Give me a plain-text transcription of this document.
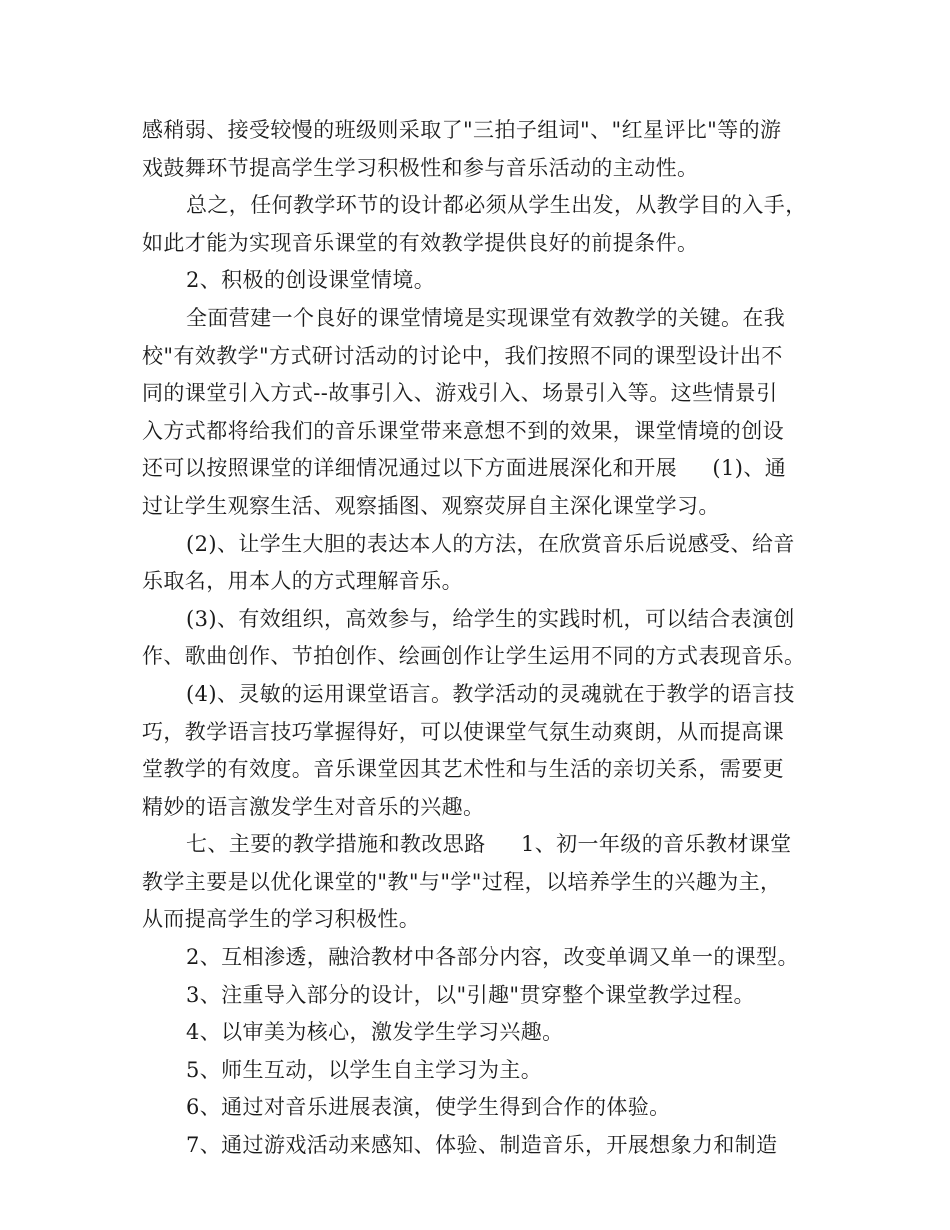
感稍弱、接受较慢的班级则采取了"三拍子组词"、"红星评比"等的游
戏鼓舞环节提高学生学习积极性和参与音乐活动的主动性。
总之，任何教学环节的设计都必须从学生出发，从教学目的入手，
如此才能为实现音乐课堂的有效教学提供良好的前提条件。
2、积极的创设课堂情境。
全面营建一个良好的课堂情境是实现课堂有效教学的关键。在我
校"有效教学"方式研讨活动的讨论中，我们按照不同的课型设计出不
同的课堂引入方式--故事引入、游戏引入、场景引入等。这些情景引
入方式都将给我们的音乐课堂带来意想不到的效果，课堂情境的创设
还可以按照课堂的详细情况通过以下方面进展深化和开展     (1)、通
过让学生观察生活、观察插图、观察荧屏自主深化课堂学习。
(2)、让学生大胆的表达本人的方法，在欣赏音乐后说感受、给音
乐取名，用本人的方式理解音乐。
(3)、有效组织，高效参与，给学生的实践时机，可以结合表演创
作、歌曲创作、节拍创作、绘画创作让学生运用不同的方式表现音乐。
(4)、灵敏的运用课堂语言。教学活动的灵魂就在于教学的语言技
巧，教学语言技巧掌握得好，可以使课堂气氛生动爽朗，从而提高课
堂教学的有效度。音乐课堂因其艺术性和与生活的亲切关系，需要更
精妙的语言激发学生对音乐的兴趣。
七、主要的教学措施和教改思路     1、初一年级的音乐教材课堂
教学主要是以优化课堂的"教"与"学"过程，以培养学生的兴趣为主，
从而提高学生的学习积极性。
2、互相渗透，融洽教材中各部分内容，改变单调又单一的课型。
3、注重导入部分的设计，以"引趣"贯穿整个课堂教学过程。
4、以审美为核心，激发学生学习兴趣。
5、师生互动，以学生自主学习为主。
6、通过对音乐进展表演，使学生得到合作的体验。
7、通过游戏活动来感知、体验、制造音乐，开展想象力和制造
